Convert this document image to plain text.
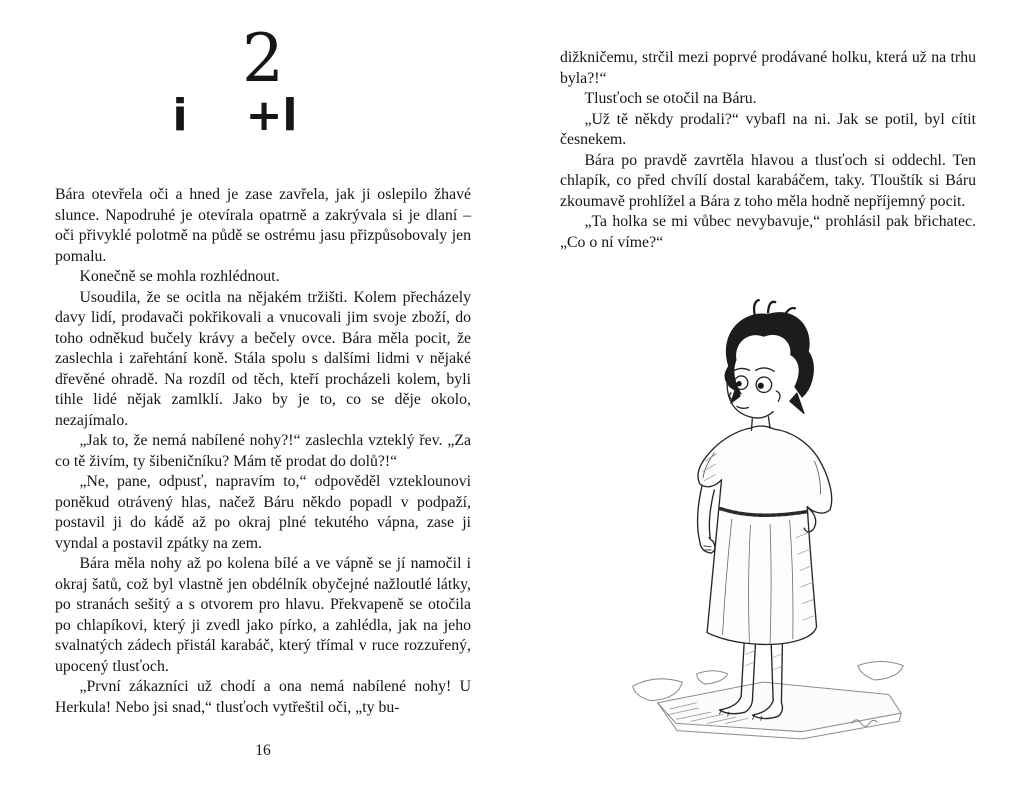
2
i +l

Bára otevřela oči a hned je zase zavřela, jak ji oslepilo žhavé slunce. Napodruhé je otevírala opatrně a zakrývala si je dlaní – oči přivyklé polotmě na půdě se ostrému jasu přizpůsobovaly jen pomalu.

Konečně se mohla rozhlédnout.

Usoudila, že se ocitla na nějakém tržišti. Kolem přecházely davy lidí, prodavači pokřikovali a vnucovali jim svoje zboží, do toho odněkud bučely krávy a bečely ovce. Bára měla pocit, že zaslechla i zařehtání koně. Stála spolu s dalšími lidmi v nějaké dřevěné ohradě. Na rozdíl od těch, kteří procházeli kolem, byli tihle lidé nějak zamlklí. Jako by je to, co se děje okolo, nezajímalo.

„Jak to, že nemá nabílené nohy?!“ zaslechla vzteklý řev. „Za co tě živím, ty šibeničníku? Mám tě prodat do dolů?!“

„Ne, pane, odpusť, napravím to,“ odpověděl vzteklounovi poněkud otrávený hlas, načež Báru někdo popadl v podpaží, postavil ji do kádě až po okraj plné tekutého vápna, zase ji vyndal a postavil zpátky na zem.

Bára měla nohy až po kolena bílé a ve vápně se jí namočil i okraj šatů, což byl vlastně jen obdélník obyčejné nažloutlé látky, po stranách sešitý a s otvorem pro hlavu. Překvapeně se otočila po chlapíkovi, který ji zvedl jako pírko, a zahlédla, jak na jeho svalnatých zádech přistál karabáč, který třímal v ruce rozzuřený, upocený tlusťoch.

„První zákazníci už chodí a ona nemá nabílené nohy! U Herkula! Nebo jsi snad,“ tlusťoch vytřeštil oči, „ty bu-

16

dižkničemu, strčil mezi poprvé prodávané holku, která už na trhu byla?!“

Tlusťoch se otočil na Báru.

„Už tě někdy prodali?“ vybafl na ni. Jak se potil, byl cítit česnekem.

Bára po pravdě zavrtěla hlavou a tlusťoch si oddechl. Ten chlapík, co před chvílí dostal karabáčem, taky. Tlouštík si Báru zkoumavě prohlížel a Bára z toho měla hodně nepříjemný pocit.

„Ta holka se mi vůbec nevybavuje,“ prohlásil pak břichatec. „Co o ní víme?“
